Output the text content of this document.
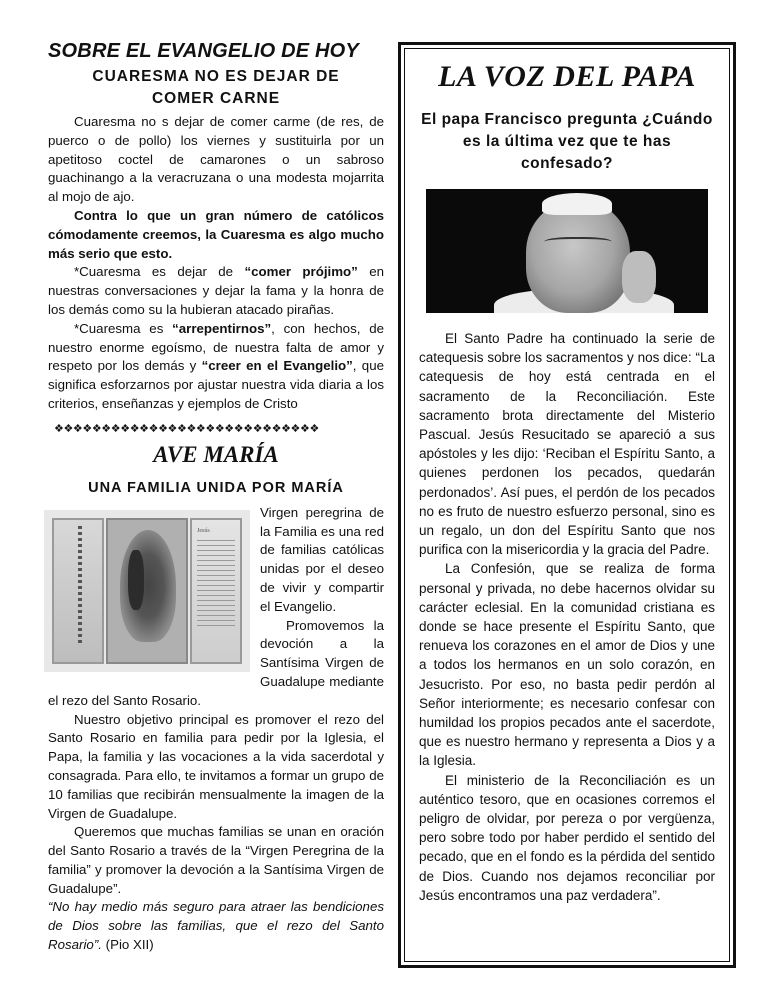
SOBRE EL EVANGELIO DE HOY
CUARESMA NO ES DEJAR DE
COMER CARNE

Cuaresma no s dejar de comer carme (de res, de puerco o de pollo) los viernes y sustituirla por un apetitoso coctel de camarones o un sabroso guachinango a la veracruzana o una modesta mojarrita al mojo de ajo.

Contra lo que un gran número de católicos cómodamente creemos, la Cuaresma es algo mucho más serio que esto.

*Cuaresma es dejar de “comer prójimo” en nuestras conversaciones y dejar la fama y la honra de los demás como su la hubieran atacado pirañas.

*Cuaresma es “arrepentirnos”, con hechos, de nuestro enorme egoísmo, de nuestra falta de amor y respeto por los demás y “creer en el Evangelio”, que significa esforzarnos por ajustar nuestra vida diaria a los criterios, enseñanzas y ejemplos de Cristo

❖❖❖❖❖❖❖❖❖❖❖❖❖❖❖❖❖❖❖❖❖❖❖❖❖❖❖❖
AVE MARÍA
UNA FAMILIA UNIDA POR MARÍA
Jesús

Virgen peregrina de la Familia es una red de familias católicas unidas por el deseo de vivir y compartir el Evangelio.

Promovemos la devoción a la Santísima Virgen de Guadalupe mediante el rezo del Santo Rosario.

Nuestro objetivo principal es promover el rezo del Santo Rosario en familia para pedir por la Iglesia, el Papa, la familia y las vocaciones a la vida sacerdotal y consagrada. Para ello, te invitamos a formar un grupo de 10 familias que recibirán mensualmente la imagen de la Virgen de Guadalupe.

Queremos que muchas familias se unan en oración del Santo Rosario a través de la “Virgen Peregrina de la familia” y promover la devoción a la Santísima Virgen de Guadalupe”.

“No hay medio más seguro para atraer las bendiciones de Dios sobre las familias, que el rezo del Santo Rosario”. (Pio XII)

LA VOZ DEL PAPA
El papa Francisco pregunta ¿Cuándo es la última vez que te has confesado?

El Santo Padre ha continuado la serie de catequesis sobre los sacramentos y nos dice: “La catequesis de hoy está centrada en el sacramento de la Reconciliación. Este sacramento brota directamente del Misterio Pascual. Jesús Resucitado se apareció a sus apóstoles y les dijo: ‘Reciban el Espíritu Santo, a quienes perdonen los pecados, quedarán perdonados’. Así pues, el perdón de los pecados no es fruto de nuestro esfuerzo personal, sino es un regalo, un don del Espíritu Santo que nos purifica con la misericordia y la gracia del Padre.

La Confesión, que se realiza de forma personal y privada, no debe hacernos olvidar su carácter eclesial. En la comunidad cristiana es donde se hace presente el Espíritu Santo, que renueva los corazones en el amor de Dios y une a todos los hermanos en un solo corazón, en Jesucristo. Por eso, no basta pedir perdón al Señor interiormente; es necesario confesar con humildad los propios pecados ante el sacerdote, que es nuestro hermano y representa a Dios y a la Iglesia.

El ministerio de la Reconciliación es un auténtico tesoro, que en ocasiones corremos el peligro de olvidar, por pereza o por vergüenza, pero sobre todo por haber perdido el sentido del pecado, que en el fondo es la pérdida del sentido de Dios. Cuando nos dejamos reconciliar por Jesús encontramos una paz verdadera”.
